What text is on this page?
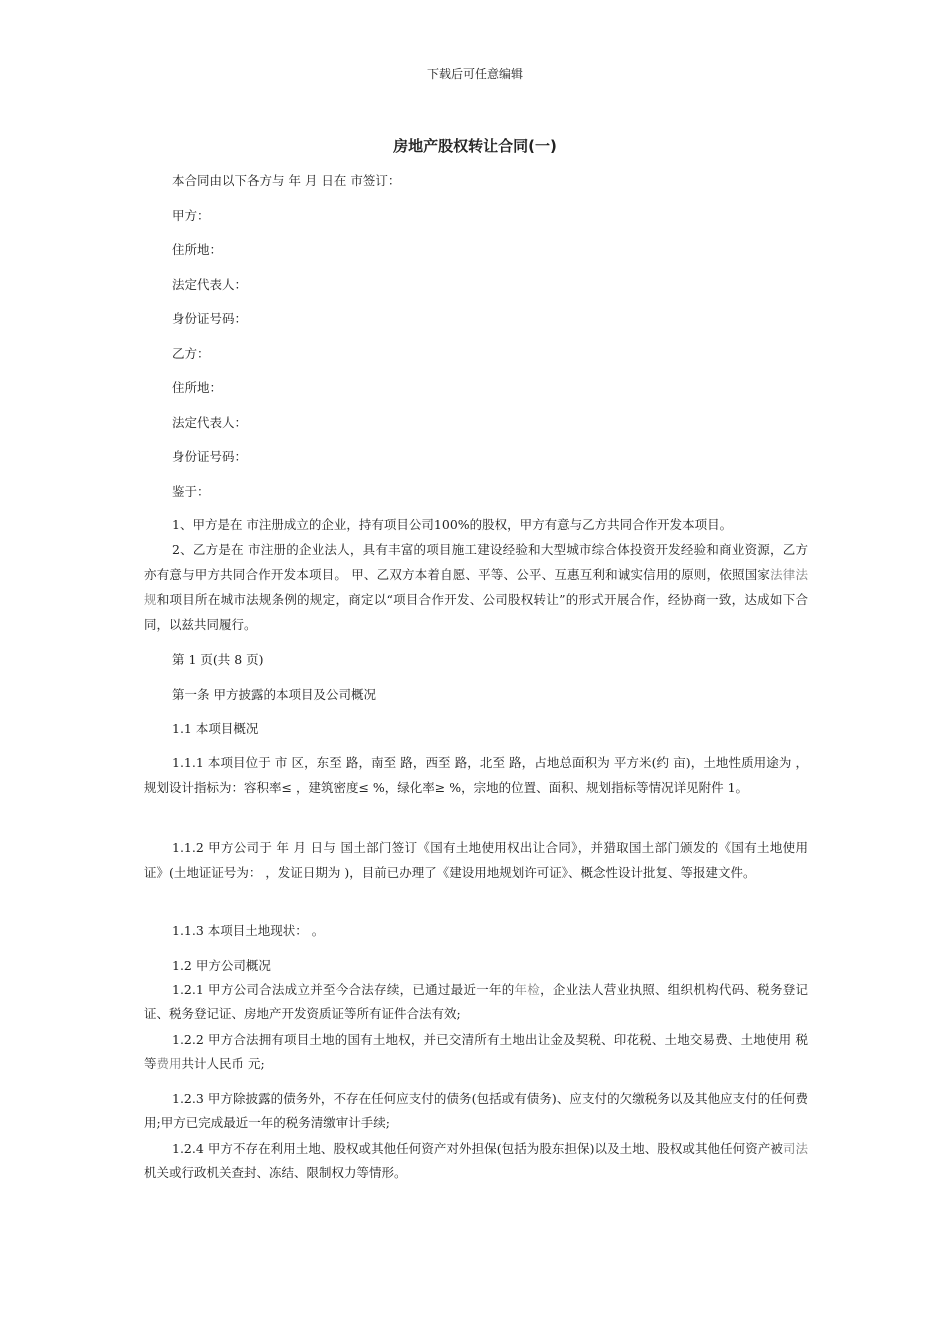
下载后可任意编辑
房地产股权转让合同(一)
本合同由以下各方与 年 月 日在 市签订：
甲方：
住所地：
法定代表人：
身份证号码：
乙方：
住所地：
法定代表人：
身份证号码：
鉴于：

1、甲方是在 市注册成立的企业，持有项目公司100%的股权，甲方有意与乙方共同合作开发本项目。

2、乙方是在 市注册的企业法人，具有丰富的项目施工建设经验和大型城市综合体投资开发经验和商业资源，乙方亦有意与甲方共同合作开发本项目。 甲、乙双方本着自愿、平等、公平、互惠互利和诚实信用的原则，依照国家法律法规和项目所在城市法规条例的规定，商定以“项目合作开发、公司股权转让”的形式开展合作，经协商一致，达成如下合同，以兹共同履行。

第 1 页(共 8 页)
第一条 甲方披露的本项目及公司概况
1.1 本项目概况

1.1.1 本项目位于 市 区，东至 路，南至 路，西至 路，北至 路，占地总面积为 平方米(约 亩)，土地性质用途为 ，规划设计指标为：容积率≤ ，建筑密度≤ %，绿化率≥ %，宗地的位置、面积、规划指标等情况详见附件 1。

1.1.2 甲方公司于 年 月 日与 国土部门签订《国有土地使用权出让合同》，并猎取国土部门颁发的《国有土地使用证》(土地证证号为： ，发证日期为 )，目前已办理了《建设用地规划许可证》、概念性设计批复、等报建文件。

1.1.3 本项目土地现状： 。
1.2 甲方公司概况

1.2.1 甲方公司合法成立并至今合法存续，已通过最近一年的年检，企业法人营业执照、组织机构代码、税务登记证、税务登记证、房地产开发资质证等所有证件合法有效;

1.2.2 甲方合法拥有项目土地的国有土地权，并已交清所有土地出让金及契税、印花税、土地交易费、土地使用 税等费用共计人民币 元;

1.2.3 甲方除披露的债务外，不存在任何应支付的债务(包括或有债务)、应支付的欠缴税务以及其他应支付的任何费用;甲方已完成最近一年的税务清缴审计手续;

1.2.4 甲方不存在利用土地、股权或其他任何资产对外担保(包括为股东担保)以及土地、股权或其他任何资产被司法机关或行政机关查封、冻结、限制权力等情形。
